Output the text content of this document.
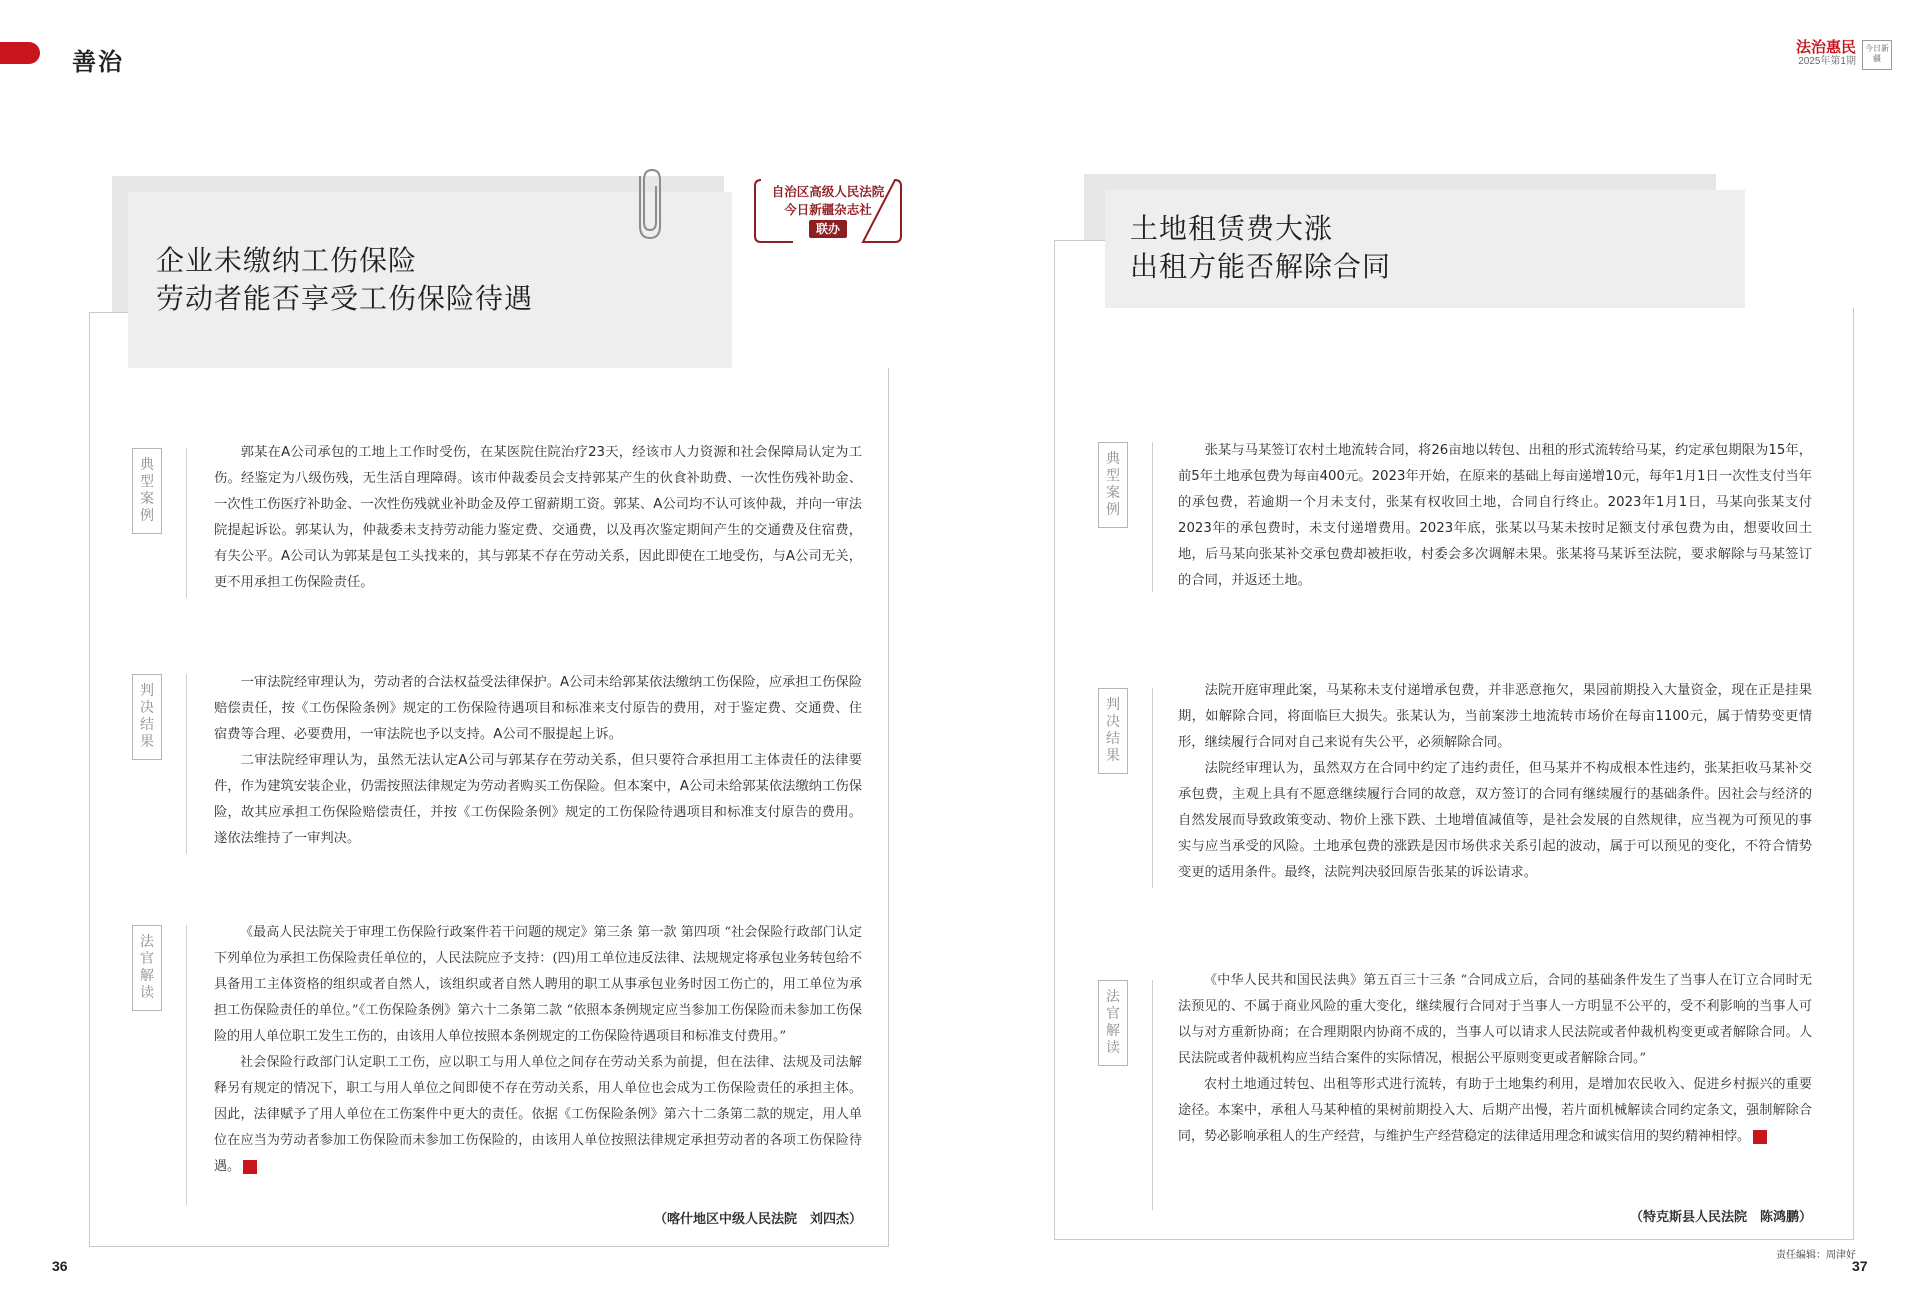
善治	法治惠民
2025年第1期
今日新疆
企业未缴纳工伤保险
劳动者能否享受工伤保险待遇
自治区高级人民法院
今日新疆杂志社
联办
典型案例
判决结果
法官解读

郭某在A公司承包的工地上工作时受伤，在某医院住院治疗23天，经该市人力资源和社会保障局认定为工伤。经鉴定为八级伤残，无生活自理障碍。该市仲裁委员会支持郭某产生的伙食补助费、一次性伤残补助金、一次性工伤医疗补助金、一次性伤残就业补助金及停工留薪期工资。郭某、A公司均不认可该仲裁，并向一审法院提起诉讼。郭某认为，仲裁委未支持劳动能力鉴定费、交通费，以及再次鉴定期间产生的交通费及住宿费，有失公平。A公司认为郭某是包工头找来的，其与郭某不存在劳动关系，因此即使在工地受伤，与A公司无关，更不用承担工伤保险责任。

一审法院经审理认为，劳动者的合法权益受法律保护。A公司未给郭某依法缴纳工伤保险，应承担工伤保险赔偿责任，按《工伤保险条例》规定的工伤保险待遇项目和标准来支付原告的费用，对于鉴定费、交通费、住宿费等合理、必要费用，一审法院也予以支持。A公司不服提起上诉。

二审法院经审理认为，虽然无法认定A公司与郭某存在劳动关系，但只要符合承担用工主体责任的法律要件，作为建筑安装企业，仍需按照法律规定为劳动者购买工伤保险。但本案中，A公司未给郭某依法缴纳工伤保险，故其应承担工伤保险赔偿责任，并按《工伤保险条例》规定的工伤保险待遇项目和标准支付原告的费用。遂依法维持了一审判决。

《最高人民法院关于审理工伤保险行政案件若干问题的规定》第三条 第一款 第四项 “社会保险行政部门认定下列单位为承担工伤保险责任单位的，人民法院应予支持：(四)用工单位违反法律、法规规定将承包业务转包给不具备用工主体资格的组织或者自然人，该组织或者自然人聘用的职工从事承包业务时因工伤亡的，用工单位为承担工伤保险责任的单位。”《工伤保险条例》第六十二条第二款 “依照本条例规定应当参加工伤保险而未参加工伤保险的用人单位职工发生工伤的，由该用人单位按照本条例规定的工伤保险待遇项目和标准支付费用。”

社会保险行政部门认定职工工伤，应以职工与用人单位之间存在劳动关系为前提，但在法律、法规及司法解释另有规定的情况下，职工与用人单位之间即使不存在劳动关系，用人单位也会成为工伤保险责任的承担主体。因此，法律赋予了用人单位在工伤案件中更大的责任。依据《工伤保险条例》第六十二条第二款的规定，用人单位在应当为劳动者参加工伤保险而未参加工伤保险的，由该用人单位按照法律规定承担劳动者的各项工伤保险待遇。	J

（喀什地区中级人民法院　刘四杰）
36
土地租赁费大涨
出租方能否解除合同
典型案例
判决结果
法官解读

张某与马某签订农村土地流转合同，将26亩地以转包、出租的形式流转给马某，约定承包期限为15年，前5年土地承包费为每亩400元。2023年开始，在原来的基础上每亩递增10元，每年1月1日一次性支付当年的承包费，若逾期一个月未支付，张某有权收回土地，合同自行终止。2023年1月1日，马某向张某支付2023年的承包费时，未支付递增费用。2023年底，张某以马某未按时足额支付承包费为由，想要收回土地，后马某向张某补交承包费却被拒收，村委会多次调解未果。张某将马某诉至法院，要求解除与马某签订的合同，并返还土地。

法院开庭审理此案，马某称未支付递增承包费，并非恶意拖欠，果园前期投入大量资金，现在正是挂果期，如解除合同，将面临巨大损失。张某认为，当前案涉土地流转市场价在每亩1100元，属于情势变更情形，继续履行合同对自己来说有失公平，必须解除合同。

法院经审理认为，虽然双方在合同中约定了违约责任，但马某并不构成根本性违约，张某拒收马某补交承包费，主观上具有不愿意继续履行合同的故意，双方签订的合同有继续履行的基础条件。因社会与经济的自然发展而导致政策变动、物价上涨下跌、土地增值减值等，是社会发展的自然规律，应当视为可预见的事实与应当承受的风险。土地承包费的涨跌是因市场供求关系引起的波动，属于可以预见的变化，不符合情势变更的适用条件。最终，法院判决驳回原告张某的诉讼请求。

《中华人民共和国民法典》第五百三十三条 “合同成立后，合同的基础条件发生了当事人在订立合同时无法预见的、不属于商业风险的重大变化，继续履行合同对于当事人一方明显不公平的，受不利影响的当事人可以与对方重新协商；在合理期限内协商不成的，当事人可以请求人民法院或者仲裁机构变更或者解除合同。人民法院或者仲裁机构应当结合案件的实际情况，根据公平原则变更或者解除合同。”

农村土地通过转包、出租等形式进行流转，有助于土地集约利用，是增加农民收入、促进乡村振兴的重要途径。本案中，承租人马某种植的果树前期投入大、后期产出慢，若片面机械解读合同约定条文，强制解除合同，势必影响承租人的生产经营，与维护生产经营稳定的法律适用理念和诚实信用的契约精神相悖。	J

（特克斯县人民法院　陈鸿鹏）
责任编辑：周津好
37
